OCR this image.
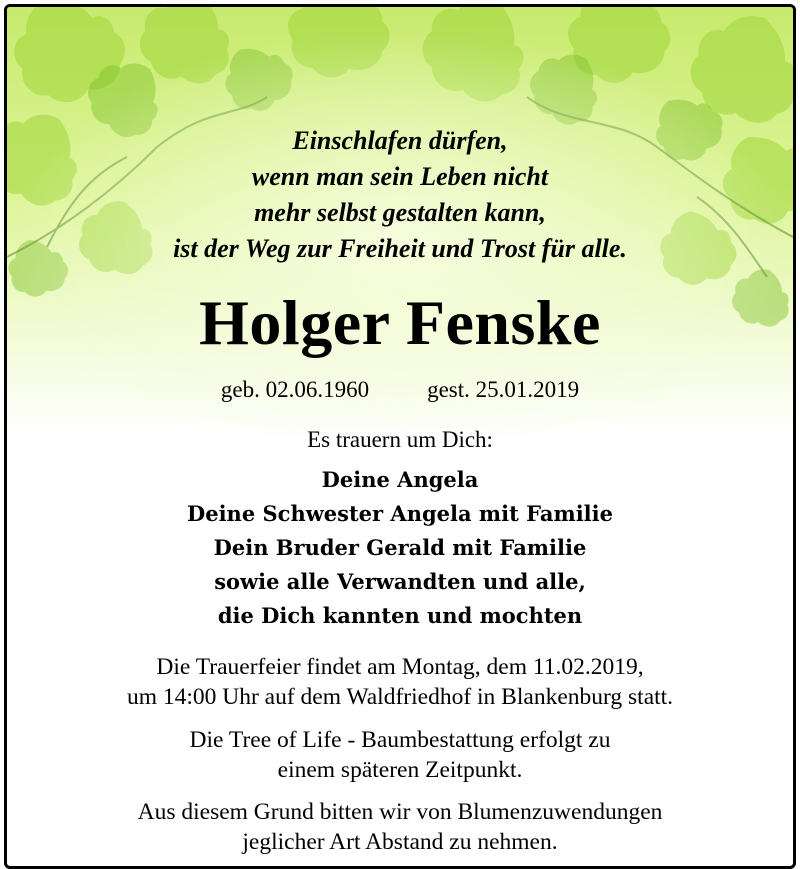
Einschlafen dürfen,
wenn man sein Leben nicht
mehr selbst gestalten kann,
ist der Weg zur Freiheit und Trost für alle.
Holger Fenske
geb. 02.06.1960	gest. 25.01.2019
Es trauern um Dich:
Deine Angela
Deine Schwester Angela mit Familie
Dein Bruder Gerald mit Familie
sowie alle Verwandten und alle,
die Dich kannten und mochten
Die Trauerfeier findet am Montag, dem 11.02.2019,
um 14:00 Uhr auf dem Waldfriedhof in Blankenburg statt.
Die Tree of Life - Baumbestattung erfolgt zu
einem späteren Zeitpunkt.
Aus diesem Grund bitten wir von Blumenzuwendungen
jeglicher Art Abstand zu nehmen.
